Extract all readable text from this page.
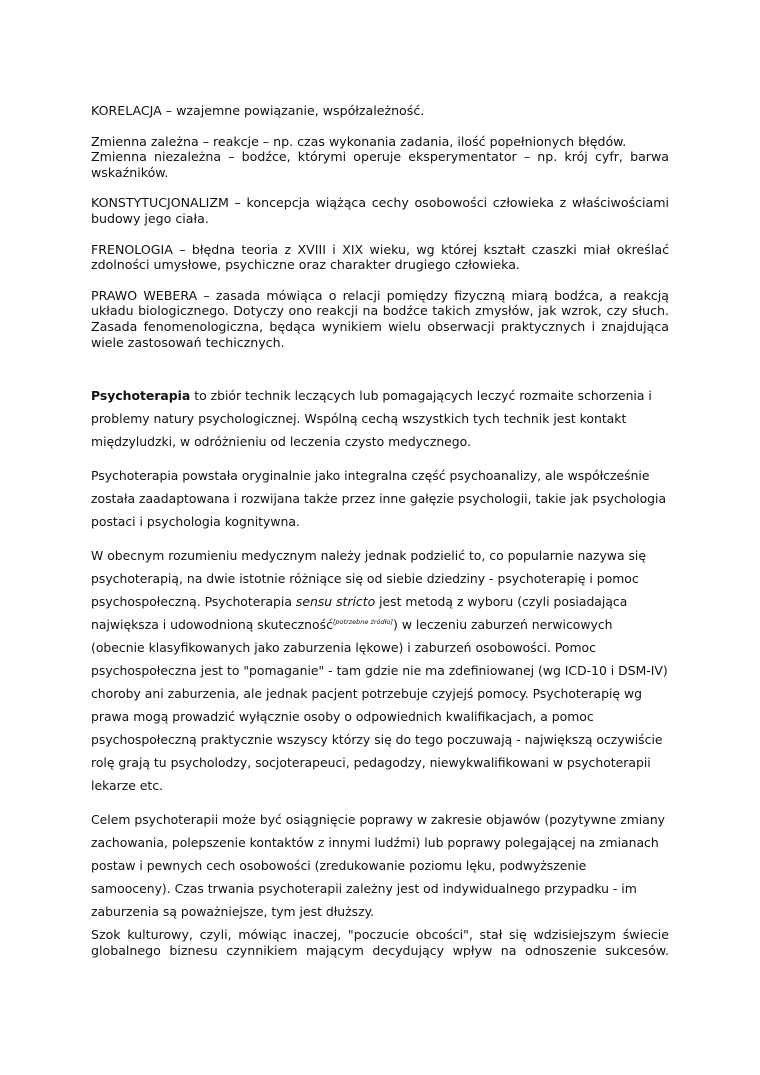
KORELACJA – wzajemne powiązanie, współzależność.

Zmienna zależna – reakcje – np. czas wykonania zadania, ilość popełnionych błędów.

Zmienna niezależna – bodźce, którymi operuje eksperymentator – np. krój cyfr, barwa wskaźników.

KONSTYTUCJONALIZM – koncepcja wiążąca cechy osobowości człowieka z właściwościami budowy jego ciała.

FRENOLOGIA – błędna teoria z XVIII i XIX wieku, wg której kształt czaszki miał określać zdolności umysłowe, psychiczne oraz charakter drugiego człowieka.

PRAWO WEBERA – zasada mówiąca o relacji pomiędzy fizyczną miarą bodźca, a reakcją układu biologicznego. Dotyczy ono reakcji na bodźce takich zmysłów, jak wzrok, czy słuch. Zasada fenomenologiczna, będąca wynikiem wielu obserwacji praktycznych i znajdująca wiele zastosowań techicznych.

Psychoterapia to zbiór technik leczących lub pomagających leczyć rozmaite schorzenia i problemy natury psychologicznej. Wspólną cechą wszystkich tych technik jest kontakt międzyludzki, w odróżnieniu od leczenia czysto medycznego.

Psychoterapia powstała oryginalnie jako integralna część psychoanalizy, ale współcześnie została zaadaptowana i rozwijana także przez inne gałęzie psychologii, takie jak psychologia postaci i psychologia kognitywna.

W obecnym rozumieniu medycznym należy jednak podzielić to, co popularnie nazywa się psychoterapią, na dwie istotnie różniące się od siebie dziedziny - psychoterapię i pomoc psychospołeczną. Psychoterapia sensu stricto jest metodą z wyboru (czyli posiadająca największa i udowodnioną skuteczność[potrzebne źródło]) w leczeniu zaburzeń nerwicowych (obecnie klasyfikowanych jako zaburzenia lękowe) i zaburzeń osobowości. Pomoc psychospołeczna jest to "pomaganie" - tam gdzie nie ma zdefiniowanej (wg ICD-10 i DSM-IV) choroby ani zaburzenia, ale jednak pacjent potrzebuje czyjejś pomocy. Psychoterapię wg prawa mogą prowadzić wyłącznie osoby o odpowiednich kwalifikacjach, a pomoc psychospołeczną praktycznie wszyscy którzy się do tego poczuwają - największą oczywiście rolę grają tu psycholodzy, socjoterapeuci, pedagodzy, niewykwalifikowani w psychoterapii lekarze etc.

Celem psychoterapii może być osiągnięcie poprawy w zakresie objawów (pozytywne zmiany zachowania, polepszenie kontaktów z innymi ludźmi) lub poprawy polegającej na zmianach postaw i pewnych cech osobowości (zredukowanie poziomu lęku, podwyższenie samooceny). Czas trwania psychoterapii zależny jest od indywidualnego przypadku - im zaburzenia są poważniejsze, tym jest dłuższy.

Szok kulturowy, czyli, mówiąc inaczej, "poczucie obcości", stał się wdzisiejszym świecie globalnego biznesu czynnikiem mającym decydujący wpływ na odnoszenie sukcesów.
